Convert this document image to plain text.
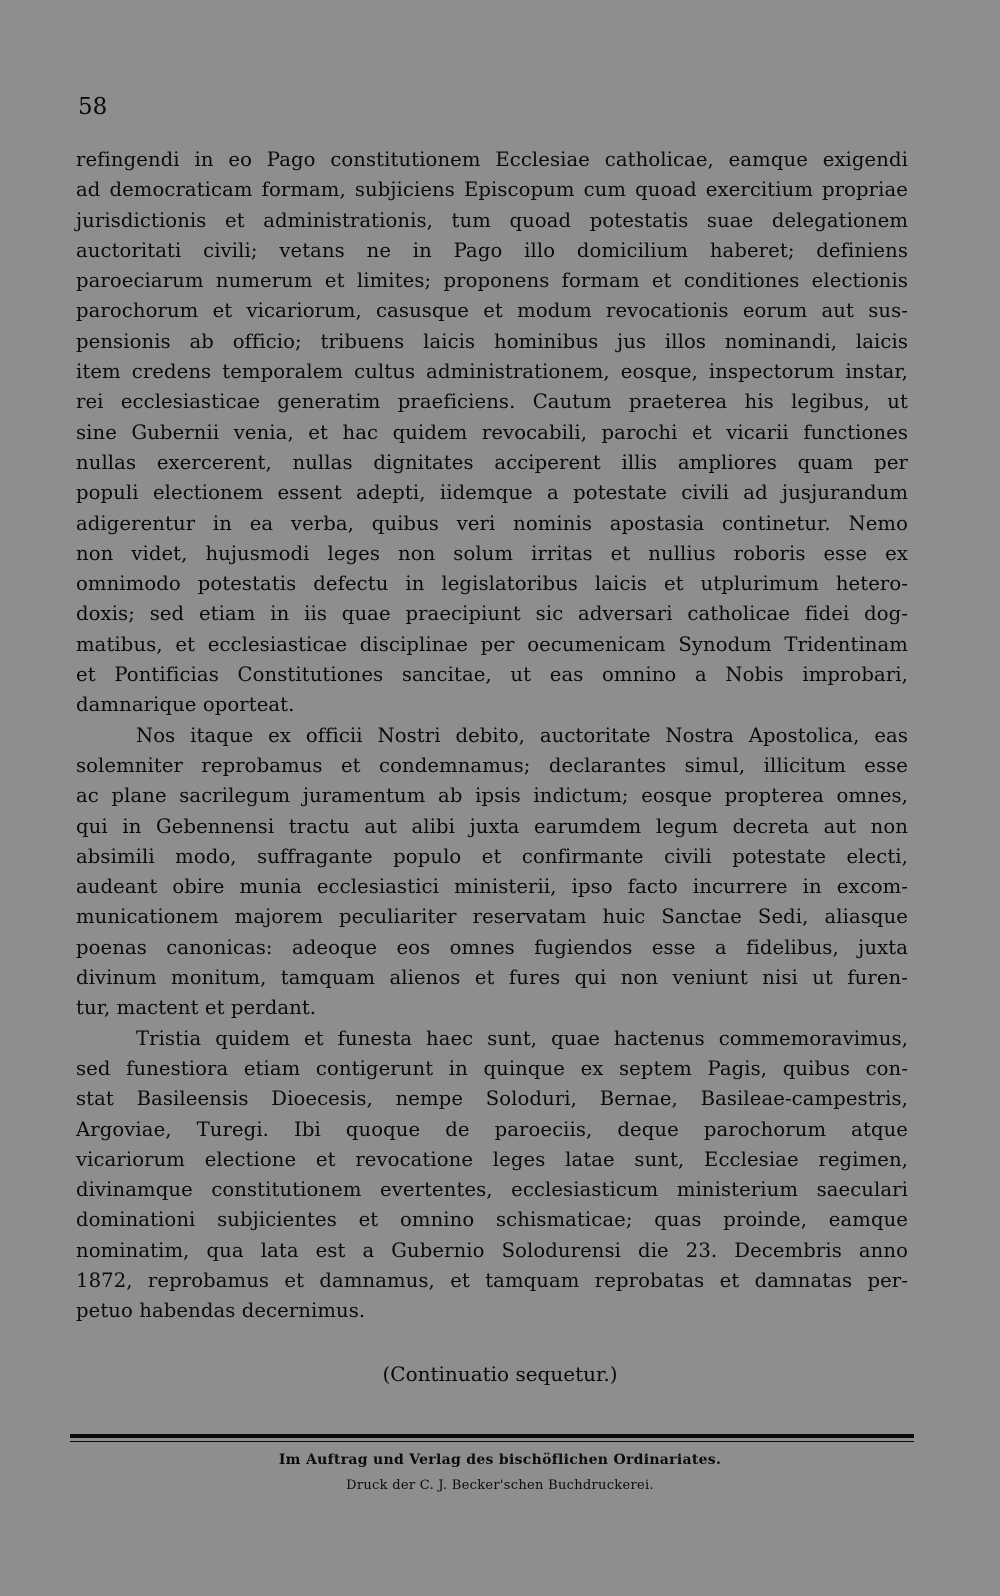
58
refingendi in eo Pago constitutionem Ecclesiae catholicae, eamque exigendi
ad democraticam formam, subjiciens Episcopum cum quoad exercitium propriae
jurisdictionis et administrationis, tum quoad potestatis suae delegationem
auctoritati civili; vetans ne in Pago illo domicilium haberet; definiens
paroeciarum numerum et limites; proponens formam et conditiones electionis
parochorum et vicariorum, casusque et modum revocationis eorum aut sus-
pensionis ab officio; tribuens laicis hominibus jus illos nominandi, laicis
item credens temporalem cultus administrationem, eosque, inspectorum instar,
rei ecclesiasticae generatim praeficiens. Cautum praeterea his legibus, ut
sine Gubernii venia, et hac quidem revocabili, parochi et vicarii functiones
nullas exercerent, nullas dignitates acciperent illis ampliores quam per
populi electionem essent adepti, iidemque a potestate civili ad jusjurandum
adigerentur in ea verba, quibus veri nominis apostasia continetur. Nemo
non videt, hujusmodi leges non solum irritas et nullius roboris esse ex
omnimodo potestatis defectu in legislatoribus laicis et utplurimum hetero-
doxis; sed etiam in iis quae praecipiunt sic adversari catholicae fidei dog-
matibus, et ecclesiasticae disciplinae per oecumenicam Synodum Tridentinam
et Pontificias Constitutiones sancitae, ut eas omnino a Nobis improbari,
damnarique oporteat.
Nos itaque ex officii Nostri debito, auctoritate Nostra Apostolica, eas
solemniter reprobamus et condemnamus; declarantes simul, illicitum esse
ac plane sacrilegum juramentum ab ipsis indictum; eosque propterea omnes,
qui in Gebennensi tractu aut alibi juxta earumdem legum decreta aut non
absimili modo, suffragante populo et confirmante civili potestate electi,
audeant obire munia ecclesiastici ministerii, ipso facto incurrere in excom-
municationem majorem peculiariter reservatam huic Sanctae Sedi, aliasque
poenas canonicas: adeoque eos omnes fugiendos esse a fidelibus, juxta
divinum monitum, tamquam alienos et fures qui non veniunt nisi ut furen-
tur, mactent et perdant.
Tristia quidem et funesta haec sunt, quae hactenus commemoravimus,
sed funestiora etiam contigerunt in quinque ex septem Pagis, quibus con-
stat Basileensis Dioecesis, nempe Soloduri, Bernae, Basileae-campestris,
Argoviae, Turegi. Ibi quoque de paroeciis, deque parochorum atque
vicariorum electione et revocatione leges latae sunt, Ecclesiae regimen,
divinamque constitutionem evertentes, ecclesiasticum ministerium saeculari
dominationi subjicientes et omnino schismaticae; quas proinde, eamque
nominatim, qua lata est a Gubernio Solodurensi die 23. Decembris anno
1872, reprobamus et damnamus, et tamquam reprobatas et damnatas per-
petuo habendas decernimus.
(Continuatio sequetur.)
Im Auftrag und Verlag des bischöflichen Ordinariates.
Druck der C. J. Becker'schen Buchdruckerei.
